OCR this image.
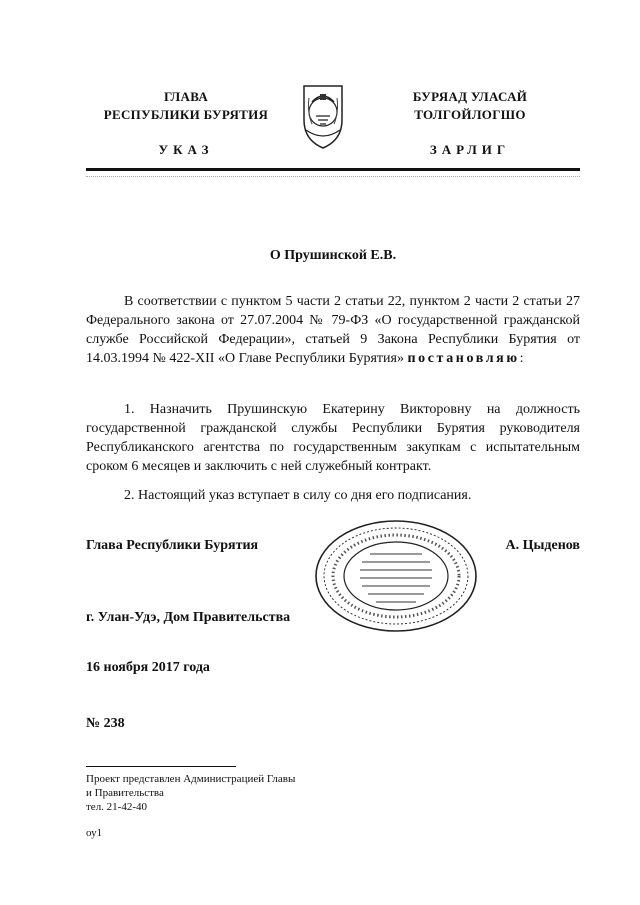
ГЛАВА
РЕСПУБЛИКИ БУРЯТИЯ
УКАЗ
БУРЯАД УЛАСАЙ
ТОЛГОЙЛОГШО
ЗАРЛИГ
О Прушинской Е.В.
В соответствии с пунктом 5 части 2 статьи 22, пунктом 2 части 2 статьи 27 Федерального закона от 27.07.2004 № 79-ФЗ «О государственной гражданской службе Российской Федерации», статьей 9 Закона Республики Бурятия от 14.03.1994 № 422-XII «О Главе Республики Бурятия» постановляю:
1. Назначить Прушинскую Екатерину Викторовну на должность государственной гражданской службы Республики Бурятия руководителя Республиканского агентства по государственным закупкам с испытательным сроком 6 месяцев и заключить с ней служебный контракт.
2. Настоящий указ вступает в силу со дня его подписания.
Глава Республики Бурятия	А. Цыденов
г. Улан-Удэ, Дом Правительства
16 ноября 2017 года
№ 238
Проект представлен Администрацией Главы
и Правительства
тел. 21-42-40
оу1
